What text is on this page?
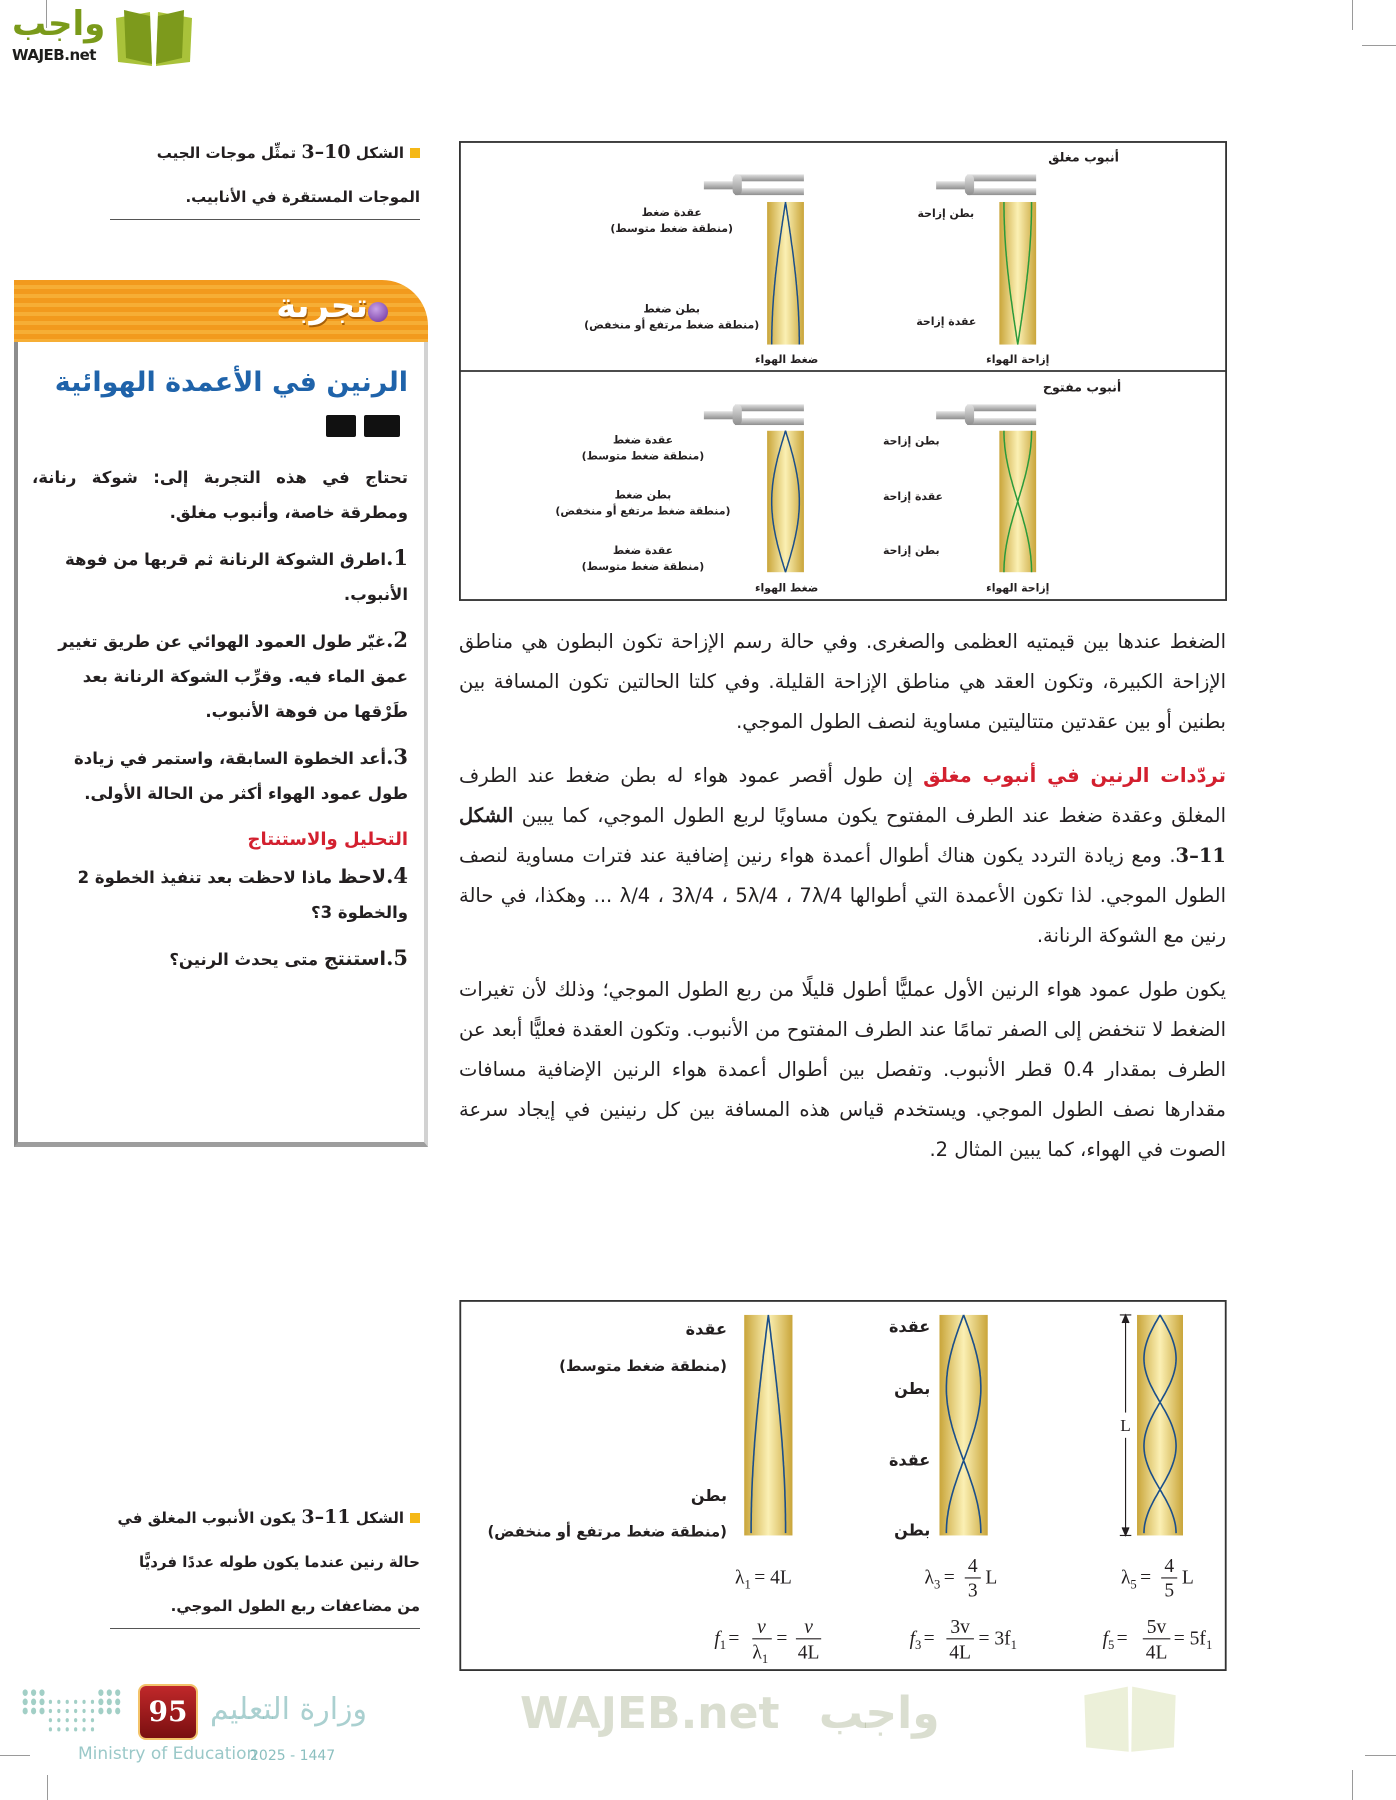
واجب
WAJEB.net
الشكل 10–3 تمثِّل موجات الجيب
الموجات المستقرة في الأنابيب.
أنبوب مغلق
أنبوب مفتوح
بطن إزاحة
عقدة إزاحة
إزاحة الهواء
عقدة ضغط
(منطقة ضغط متوسط)
بطن ضغط
(منطقة ضغط مرتفع أو منخفض)
ضغط الهواء
بطن إزاحة
عقدة إزاحة
بطن إزاحة
إزاحة الهواء
عقدة ضغط
(منطقة ضغط متوسط)
بطن ضغط
(منطقة ضغط مرتفع أو منخفض)
عقدة ضغط
(منطقة ضغط متوسط)
ضغط الهواء
تجربة
الرنين في الأعمدة الهوائية
تحتاج في هذه التجربة إلى: شوكة رنانة، ومطرقة خاصة، وأنبوب مغلق.
1.اطرق الشوكة الرنانة ثم قربها من فوهة الأنبوب.
2.غيّر طول العمود الهوائي عن طريق تغيير عمق الماء فيه. وقرِّب الشوكة الرنانة بعد طَرْقها من فوهة الأنبوب.
3.أعد الخطوة السابقة، واستمر في زيادة طول عمود الهواء أكثر من الحالة الأولى.
التحليل والاستنتاج
4.لاحظ ماذا لاحظت بعد تنفيذ الخطوة 2 والخطوة 3؟
5.استنتج متى يحدث الرنين؟
الضغط عندها بين قيمتيه العظمى والصغرى. وفي حالة رسم الإزاحة تكون البطون هي مناطق الإزاحة الكبيرة، وتكون العقد هي مناطق الإزاحة القليلة. وفي كلتا الحالتين تكون المسافة بين بطنين أو بين عقدتين متتاليتين مساوية لنصف الطول الموجي.
تردّدات الرنين في أنبوب مغلق إن طول أقصر عمود هواء له بطن ضغط عند الطرف المغلق وعقدة ضغط عند الطرف المفتوح يكون مساويًا لربع الطول الموجي، كما يبين الشكل 11–3. ومع زيادة التردد يكون هناك أطوال أعمدة هواء رنين إضافية عند فترات مساوية لنصف الطول الموجي. لذا تكون الأعمدة التي أطوالها λ/4 ، 3λ/4 ، 5λ/4 ، 7λ/4 ... وهكذا، في حالة رنين مع الشوكة الرنانة.
يكون طول عمود هواء الرنين الأول عمليًّا أطول قليلًا من ربع الطول الموجي؛ وذلك لأن تغيرات الضغط لا تنخفض إلى الصفر تمامًا عند الطرف المفتوح من الأنبوب. وتكون العقدة فعليًّا أبعد عن الطرف بمقدار 0.4 قطر الأنبوب. وتفصل بين أطوال أعمدة هواء الرنين الإضافية مسافات مقدارها نصف الطول الموجي. ويستخدم قياس هذه المسافة بين كل رنينين في إيجاد سرعة الصوت في الهواء، كما يبين المثال 2.
L
عقدة
(منطقة ضغط متوسط)
بطن
(منطقة ضغط مرتفع أو منخفض)
عقدة
بطن
عقدة
بطن
$\lambda_1 = 4L$	$\lambda_3$ =
4
3
L	$\lambda_5$ =
4
5
L
$f_1$ =
v
$\lambda_1$
=
v
4L
$f_3$ =
3v
4L
= $3f_1$	$f_5$ =
5v
4L
= $5f_1$
WAJEB.net واجب
الشكل 11–3 يكون الأنبوب المغلق في
حالة رنين عندما يكون طوله عددًا فرديًّا
من مضاعفات ربع الطول الموجي.
95 وزارة التعليم
Ministry of Education
2025 - 1447
